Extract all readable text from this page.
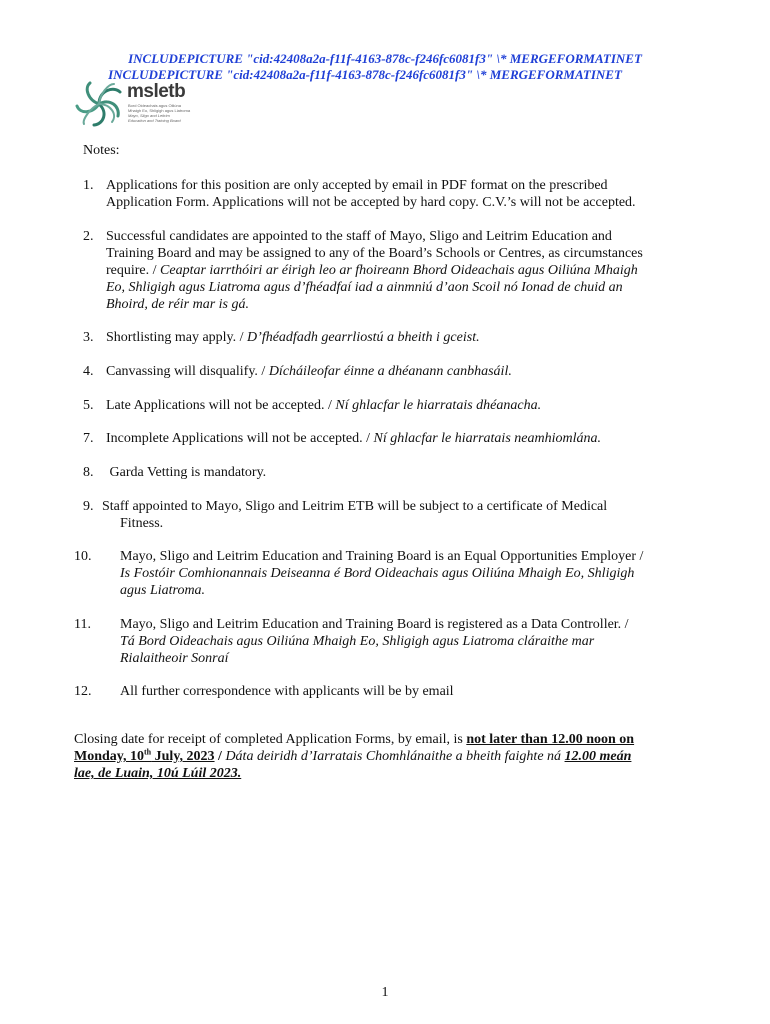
INCLUDEPICTURE "cid:42408a2a-f11f-4163-878c-f246fc6081f3" \* MERGEFORMATINET
INCLUDEPICTURE "cid:42408a2a-f11f-4163-878c-f246fc6081f3" \* MERGEFORMATINET
msletb
Bord Oideachais agus Oiliúna
Mhaigh Eo, Shligigh agus Liatroma
Mayo, Sligo and Leitrim
Education and Training Board
Notes:
1. Applications for this position are only accepted by email in PDF format on the prescribed
Application Form. Applications will not be accepted by hard copy. C.V.’s will not be accepted.
2. Successful candidates are appointed to the staff of Mayo, Sligo and Leitrim Education and
Training Board and may be assigned to any of the Board’s Schools or Centres, as circumstances
require. / Ceaptar iarrthóiri ar éirigh leo ar fhoireann Bhord Oideachais agus Oiliúna Mhaigh
Eo, Shligigh agus Liatroma agus d’fhéadfaí iad a ainmniú d’aon Scoil nó Ionad de chuid an
Bhoird, de réir mar is gá.
3. Shortlisting may apply. / D’fhéadfadh gearrliostú a bheith i gceist.
4. Canvassing will disqualify. / Dícháileofar éinne a dhéanann canbhasáil.
5. Late Applications will not be accepted. / Ní ghlacfar le hiarratais dhéanacha.
7. Incomplete Applications will not be accepted. / Ní ghlacfar le hiarratais neamhiomlána.
8. Garda Vetting is mandatory.
9. Staff appointed to Mayo, Sligo and Leitrim ETB will be subject to a certificate of Medical
Fitness.
10. Mayo, Sligo and Leitrim Education and Training Board is an Equal Opportunities Employer /
Is Fostóir Comhionannais Deiseanna é Bord Oideachais agus Oiliúna Mhaigh Eo, Shligigh
agus Liatroma.
11. Mayo, Sligo and Leitrim Education and Training Board is registered as a Data Controller. /
Tá Bord Oideachais agus Oiliúna Mhaigh Eo, Shligigh agus Liatroma cláraithe mar
Rialaitheoir Sonraí
12. All further correspondence with applicants will be by email
Closing date for receipt of completed Application Forms, by email, is not later than 12.00 noon on
Monday, 10th July, 2023 / Dáta deiridh d’Iarratais Chomhlánaithe a bheith faighte ná 12.00 meán
lae, de Luain, 10ú Lúil 2023.
1
